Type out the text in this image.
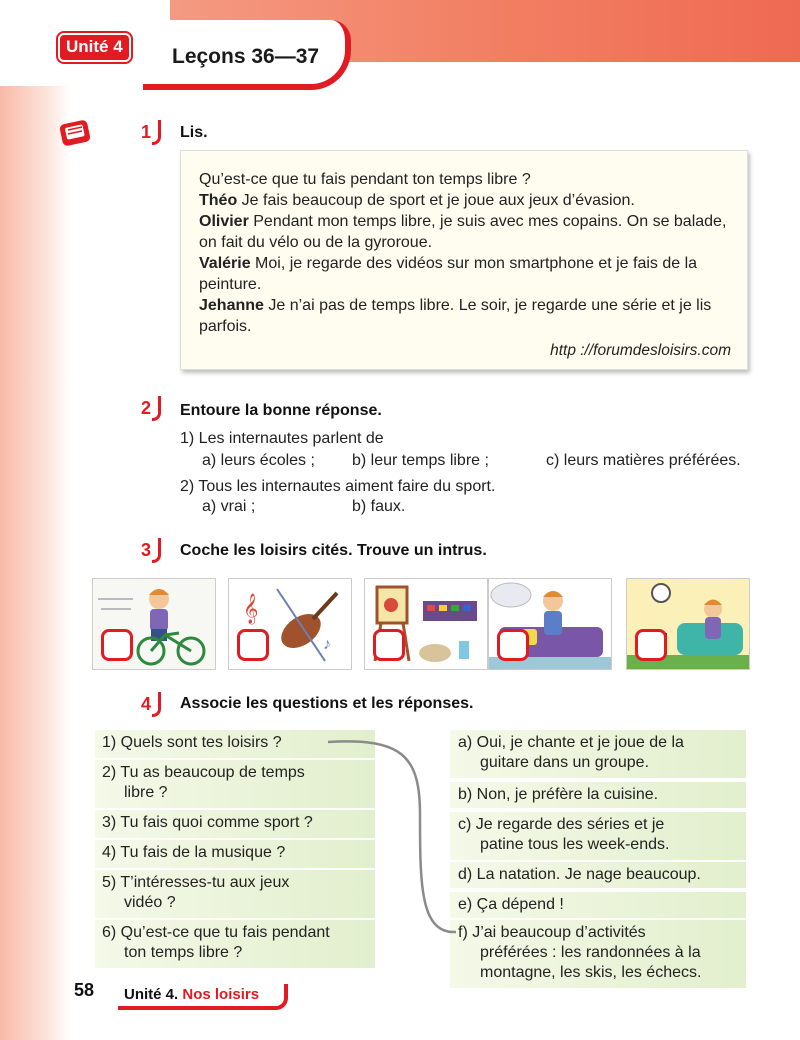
Unité 4	Leçons 36—37
1	Lis.

Qu’est-ce que tu fais pendant ton temps libre ?

Théo Je fais beaucoup de sport et je joue aux jeux d’évasion.

Olivier Pendant mon temps libre, je suis avec mes copains. On se balade, on fait du vélo ou de la gyroroue.

Valérie Moi, je regarde des vidéos sur mon smartphone et je fais de la peinture.

Jehanne Je n’ai pas de temps libre. Le soir, je regarde une série et je lis parfois.

http ://forumdesloisirs.com
2	Entoure la bonne réponse.
1) Les internautes parlent de
a) leurs écoles ; b) leur temps libre ;	c) leurs matières préférées.
2) Tous les internautes aiment faire du sport.
a) vrai ;	b) faux.
3	Coche les loisirs cités. Trouve un intrus.
𝄞
♪
4	Associe les questions et les réponses.
1) Quels sont tes loisirs ?
2) Tu as beaucoup de temps
libre ?
3) Tu fais quoi comme sport ?
4) Tu fais de la musique ?
5) T’intéresses-tu aux jeux
vidéo ?
6) Qu’est-ce que tu fais pendant
ton temps libre ?
a) Oui, je chante et je joue de la
guitare dans un groupe.
b) Non, je préfère la cuisine.
c) Je regarde des séries et je
patine tous les week-ends.
d) La natation. Je nage beaucoup.
e) Ça dépend !
f) J’ai beaucoup d’activités
préférées : les randonnées à la
montagne, les skis, les échecs.
58 Unité 4. Nos loisirs
